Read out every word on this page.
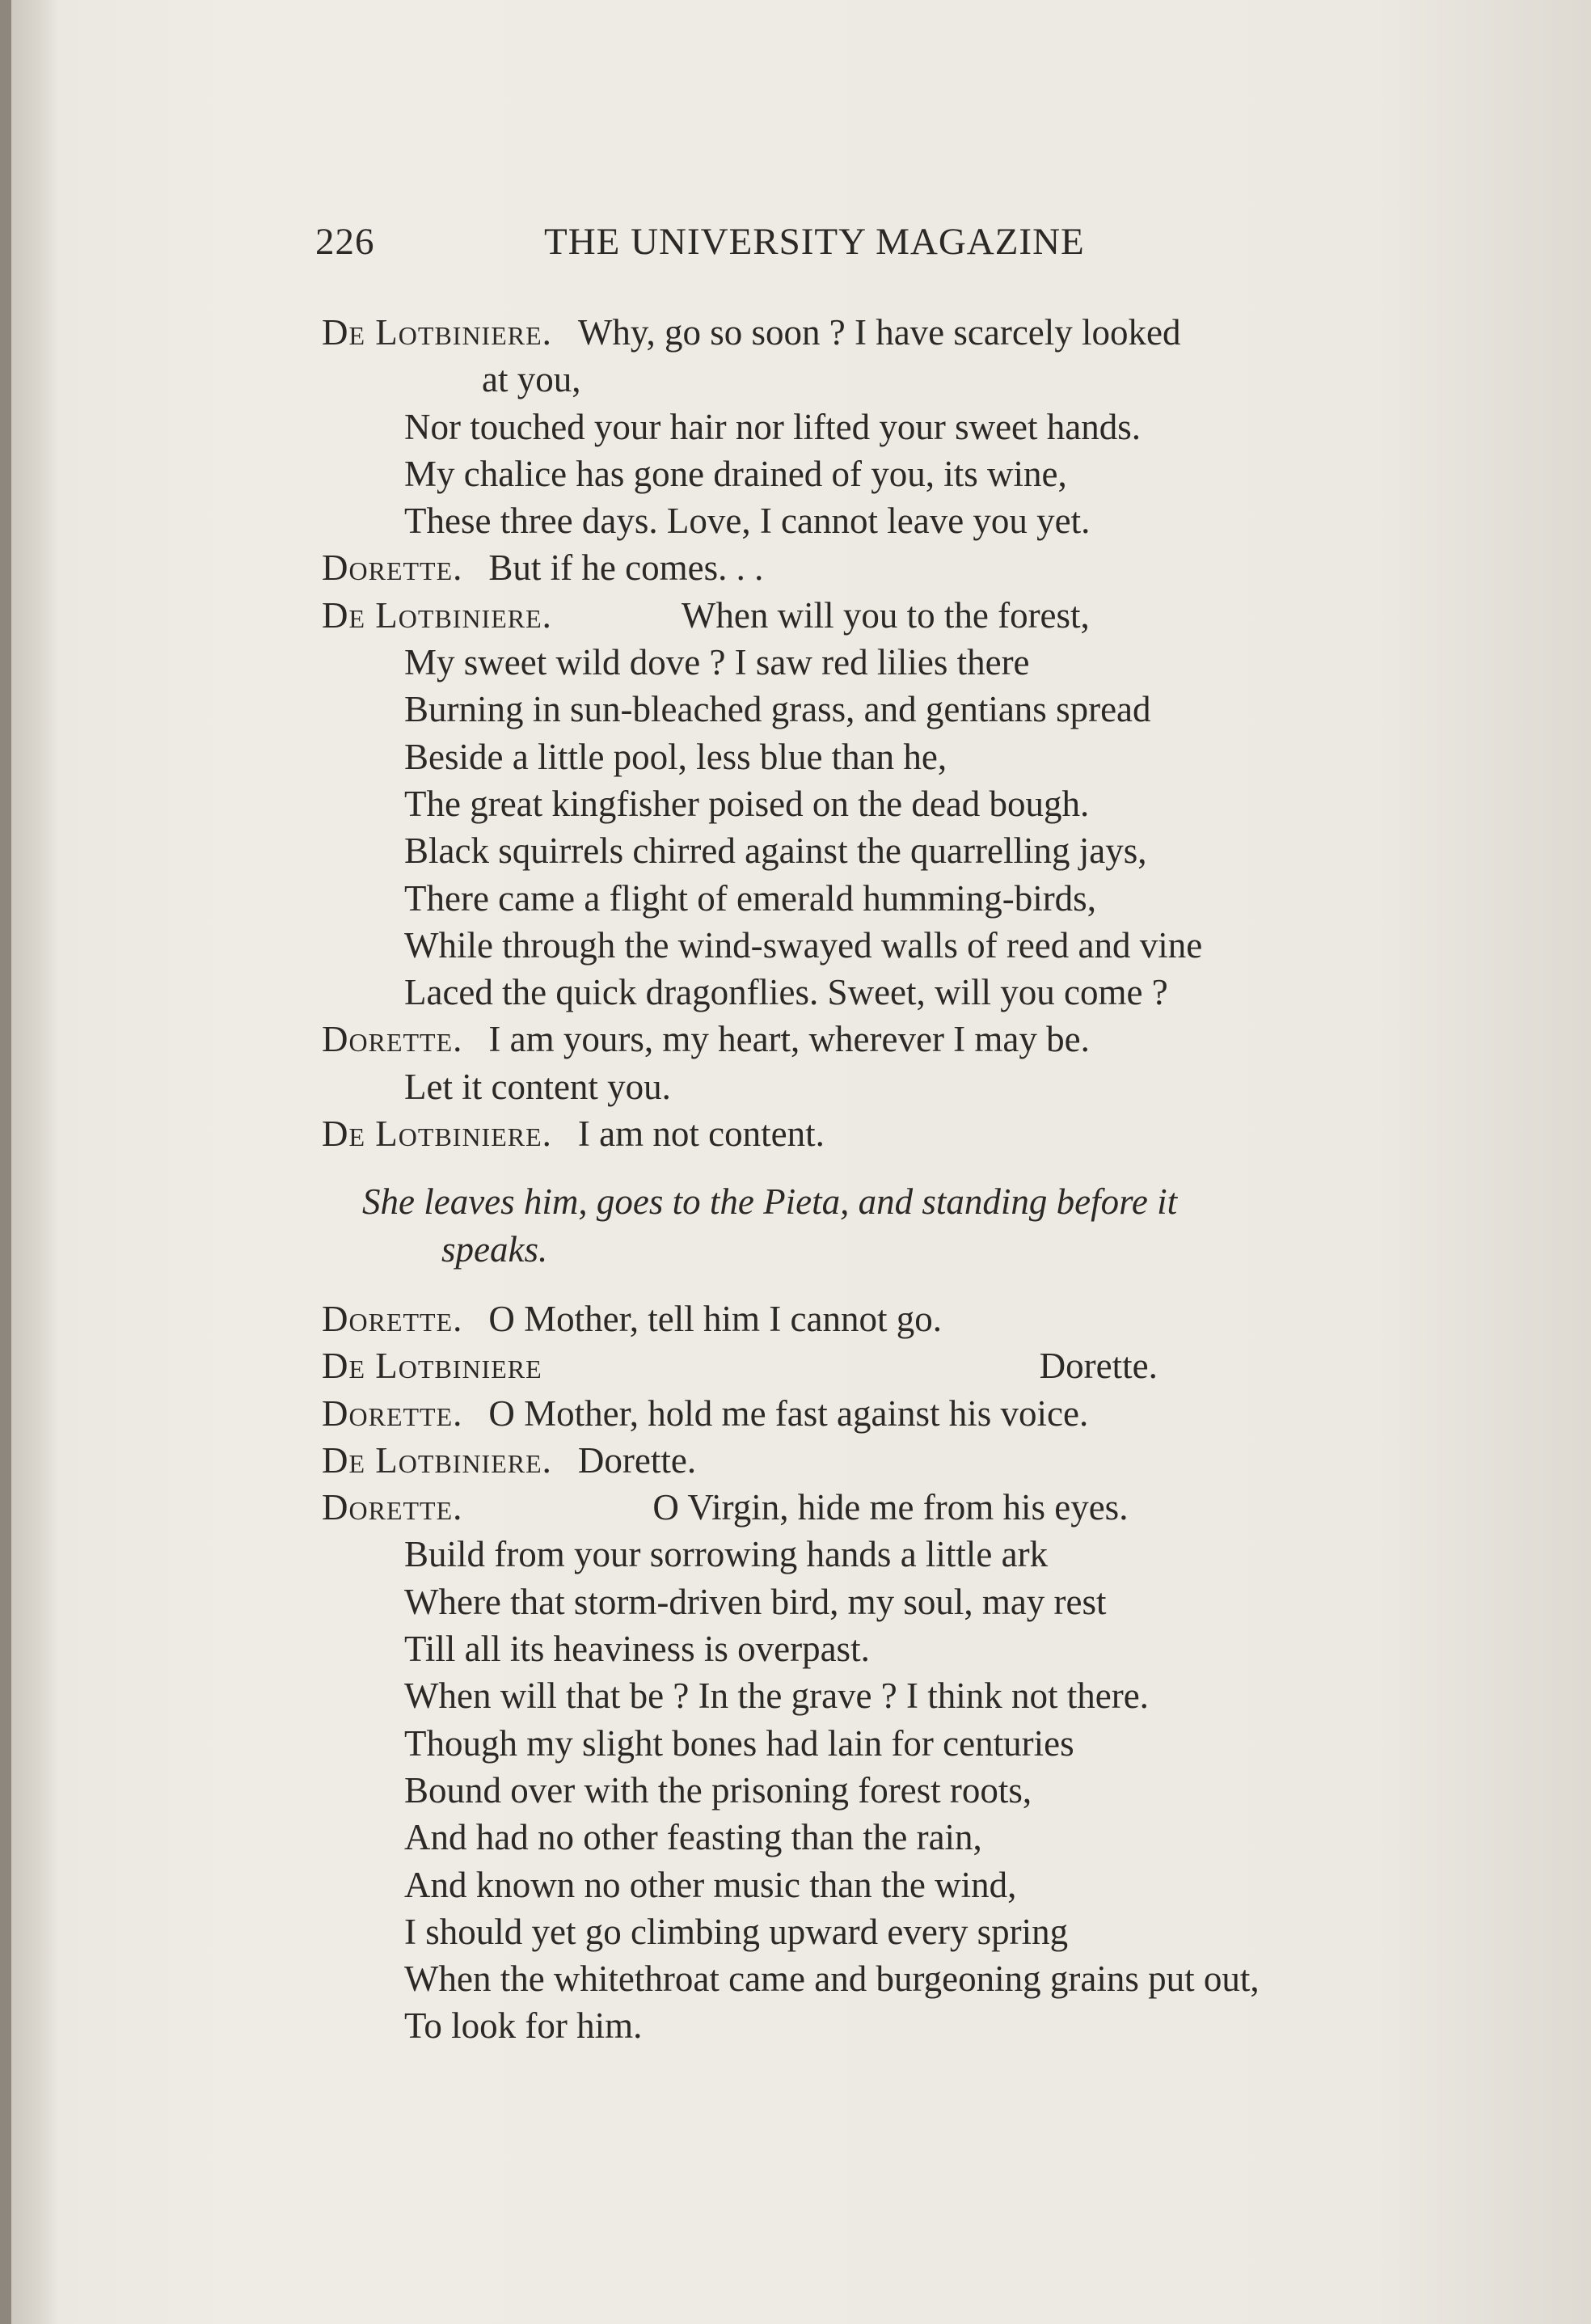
226	THE UNIVERSITY MAGAZINE
De Lotbiniere. Why, go so soon ? I have scarcely looked
at you,
Nor touched your hair nor lifted your sweet hands.
My chalice has gone drained of you, its wine,
These three days. Love, I cannot leave you yet.
Dorette. But if he comes. . .
De Lotbiniere.	When will you to the forest,
My sweet wild dove ? I saw red lilies there
Burning in sun-bleached grass, and gentians spread
Beside a little pool, less blue than he,
The great kingfisher poised on the dead bough.
Black squirrels chirred against the quarrelling jays,
There came a flight of emerald humming-birds,
While through the wind-swayed walls of reed and vine
Laced the quick dragonflies. Sweet, will you come ?
Dorette. I am yours, my heart, wherever I may be.
Let it content you.
De Lotbiniere. I am not content.
She leaves him, goes to the Pieta, and standing before it
speaks.
Dorette. O Mother, tell him I cannot go.
De Lotbiniere	Dorette.
Dorette. O Mother, hold me fast against his voice.
De Lotbiniere. Dorette.
Dorette.	O Virgin, hide me from his eyes.
Build from your sorrowing hands a little ark
Where that storm-driven bird, my soul, may rest
Till all its heaviness is overpast.
When will that be ? In the grave ? I think not there.
Though my slight bones had lain for centuries
Bound over with the prisoning forest roots,
And had no other feasting than the rain,
And known no other music than the wind,
I should yet go climbing upward every spring
When the whitethroat came and burgeoning grains put out,
To look for him.
